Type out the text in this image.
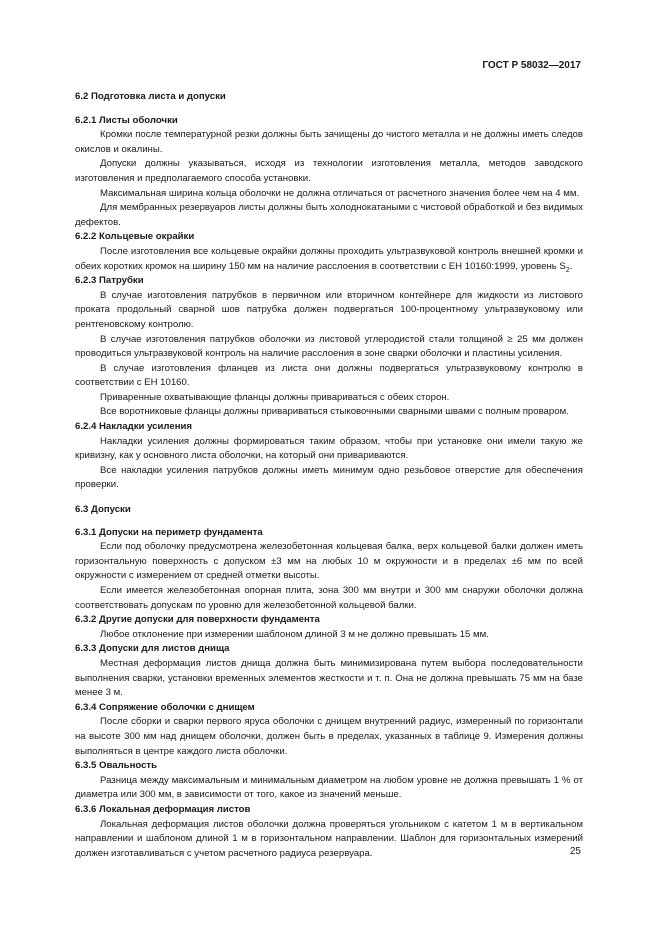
ГОСТ Р 58032—2017

6.2 Подготовка листа и допуски

6.2.1 Листы оболочки

Кромки после температурной резки должны быть зачищены до чистого металла и не должны иметь следов окислов и окалины.

Допуски должны указываться, исходя из технологии изготовления металла, методов заводского изготовления и предполагаемого способа установки.

Максимальная ширина кольца оболочки не должна отличаться от расчетного значения более чем на 4 мм.

Для мембранных резервуаров листы должны быть холоднокатаными с чистовой обработкой и без видимых дефектов.

6.2.2 Кольцевые окрайки

После изготовления все кольцевые окрайки должны проходить ультразвуковой контроль внешней кромки и обеих коротких кромок на ширину 150 мм на наличие расслоения в соответствии с ЕН 10160:1999, уровень $S_2$.

6.2.3 Патрубки

В случае изготовления патрубков в первичном или вторичном контейнере для жидкости из листового проката продольный сварной шов патрубка должен подвергаться 100-процентному ультразвуковому или рентгеновскому контролю.

В случае изготовления патрубков оболочки из листовой углеродистой стали толщиной ≥ 25 мм должен проводиться ультразвуковой контроль на наличие расслоения в зоне сварки оболочки и пластины усиления.

В случае изготовления фланцев из листа они должны подвергаться ультразвуковому контролю в соответствии с ЕН 10160.

Приваренные охватывающие фланцы должны привариваться с обеих сторон.

Все воротниковые фланцы должны привариваться стыковочными сварными швами с полным проваром.

6.2.4 Накладки усиления

Накладки усиления должны формироваться таким образом, чтобы при установке они имели такую же кривизну, как у основного листа оболочки, на который они привариваются.

Все накладки усиления патрубков должны иметь минимум одно резьбовое отверстие для обеспечения проверки.

6.3 Допуски

6.3.1 Допуски на периметр фундамента

Если под оболочку предусмотрена железобетонная кольцевая балка, верх кольцевой балки должен иметь горизонтальную поверхность с допуском ±3 мм на любых 10 м окружности и в пределах ±6 мм по всей окружности с измерением от средней отметки высоты.

Если имеется железобетонная опорная плита, зона 300 мм внутри и 300 мм снаружи оболочки должна соответствовать допускам по уровню для железобетонной кольцевой балки.

6.3.2 Другие допуски для поверхности фундамента

Любое отклонение при измерении шаблоном длиной 3 м не должно превышать 15 мм.

6.3.3 Допуски для листов днища

Местная деформация листов днища должна быть минимизирована путем выбора последовательности выполнения сварки, установки временных элементов жесткости и т. п. Она не должна превышать 75 мм на базе менее 3 м.

6.3.4 Сопряжение оболочки с днищем

После сборки и сварки первого яруса оболочки с днищем внутренний радиус, измеренный по горизонтали на высоте 300 мм над днищем оболочки, должен быть в пределах, указанных в таблице 9. Измерения должны выполняться в центре каждого листа оболочки.

6.3.5 Овальность

Разница между максимальным и минимальным диаметром на любом уровне не должна превышать 1 % от диаметра или 300 мм, в зависимости от того, какое из значений меньше.

6.3.6 Локальная деформация листов

Локальная деформация листов оболочки должна проверяться угольником с катетом 1 м в вертикальном направлении и шаблоном длиной 1 м в горизонтальном направлении. Шаблон для горизонтальных измерений должен изготавливаться с учетом расчетного радиуса резервуара.	25
